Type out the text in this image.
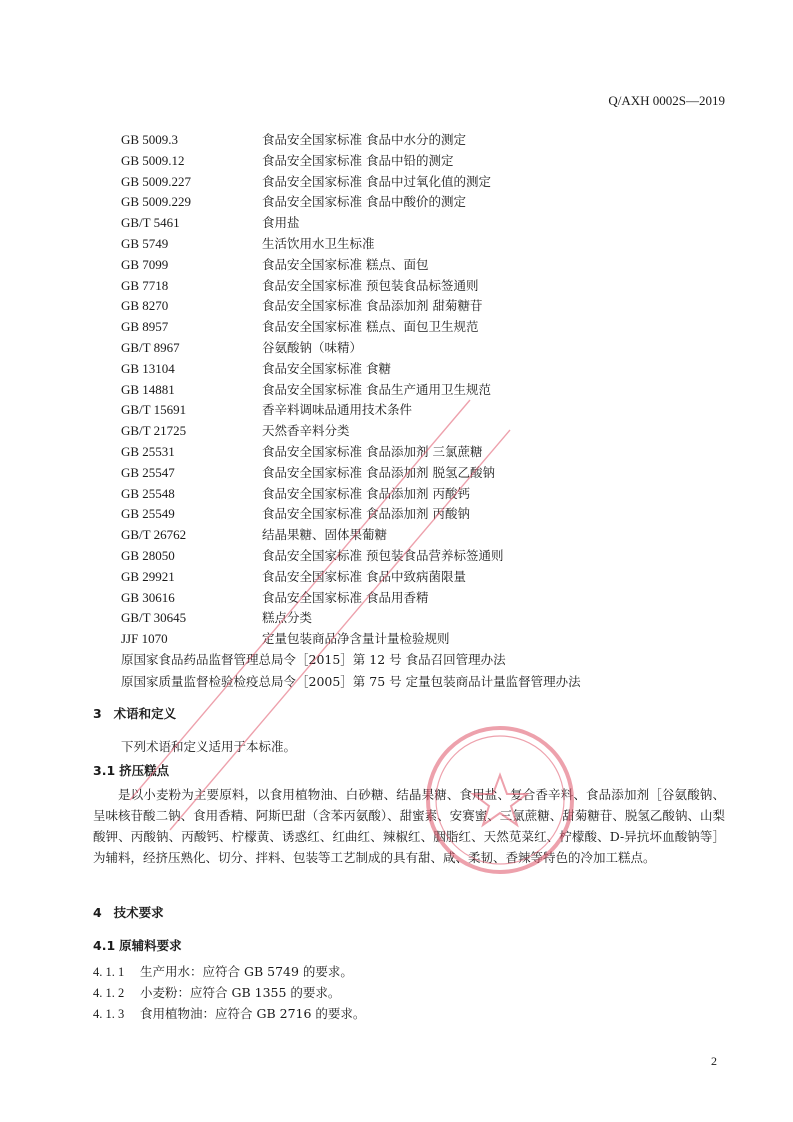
Q/AXH 0002S—2019
GB 5009.3	食品安全国家标准 食品中水分的测定
GB 5009.12	食品安全国家标准 食品中铅的测定
GB 5009.227	食品安全国家标准 食品中过氧化值的测定
GB 5009.229	食品安全国家标准 食品中酸价的测定
GB/T 5461	食用盐
GB 5749	生活饮用水卫生标准
GB 7099	食品安全国家标准 糕点、面包
GB 7718	食品安全国家标准 预包装食品标签通则
GB 8270	食品安全国家标准 食品添加剂 甜菊糖苷
GB 8957	食品安全国家标准 糕点、面包卫生规范
GB/T 8967	谷氨酸钠（味精）
GB 13104	食品安全国家标准 食糖
GB 14881	食品安全国家标准 食品生产通用卫生规范
GB/T 15691	香辛料调味品通用技术条件
GB/T 21725	天然香辛料分类
GB 25531	食品安全国家标准 食品添加剂 三氯蔗糖
GB 25547	食品安全国家标准 食品添加剂 脱氢乙酸钠
GB 25548	食品安全国家标准 食品添加剂 丙酸钙
GB 25549	食品安全国家标准 食品添加剂 丙酸钠
GB/T 26762	结晶果糖、固体果葡糖
GB 28050	食品安全国家标准 预包装食品营养标签通则
GB 29921	食品安全国家标准 食品中致病菌限量
GB 30616	食品安全国家标准 食品用香精
GB/T 30645	糕点分类
JJF 1070	定量包装商品净含量计量检验规则
原国家食品药品监督管理总局令［2015］第 12 号 食品召回管理办法
原国家质量监督检验检疫总局令［2005］第 75 号 定量包装商品计量监督管理办法
3 术语和定义
下列术语和定义适用于本标准。
3.1 挤压糕点

是以小麦粉为主要原料，以食用植物油、白砂糖、结晶果糖、食用盐、复合香辛料、食品添加剂［谷氨酸钠、呈味核苷酸二钠、食用香精、阿斯巴甜（含苯丙氨酸）、甜蜜素、安赛蜜、三氯蔗糖、甜菊糖苷、脱氢乙酸钠、山梨酸钾、丙酸钠、丙酸钙、柠檬黄、诱惑红、红曲红、辣椒红、胭脂红、天然苋菜红、柠檬酸、D-异抗坏血酸钠等］为辅料，经挤压熟化、切分、拌料、包装等工艺制成的具有甜、咸、柔韧、香辣等特色的冷加工糕点。

4 技术要求
4.1 原辅料要求
4. 1. 1 生产用水：应符合 GB 5749 的要求。
4. 1. 2 小麦粉：应符合 GB 1355 的要求。
4. 1. 3 食用植物油：应符合 GB 2716 的要求。
2
